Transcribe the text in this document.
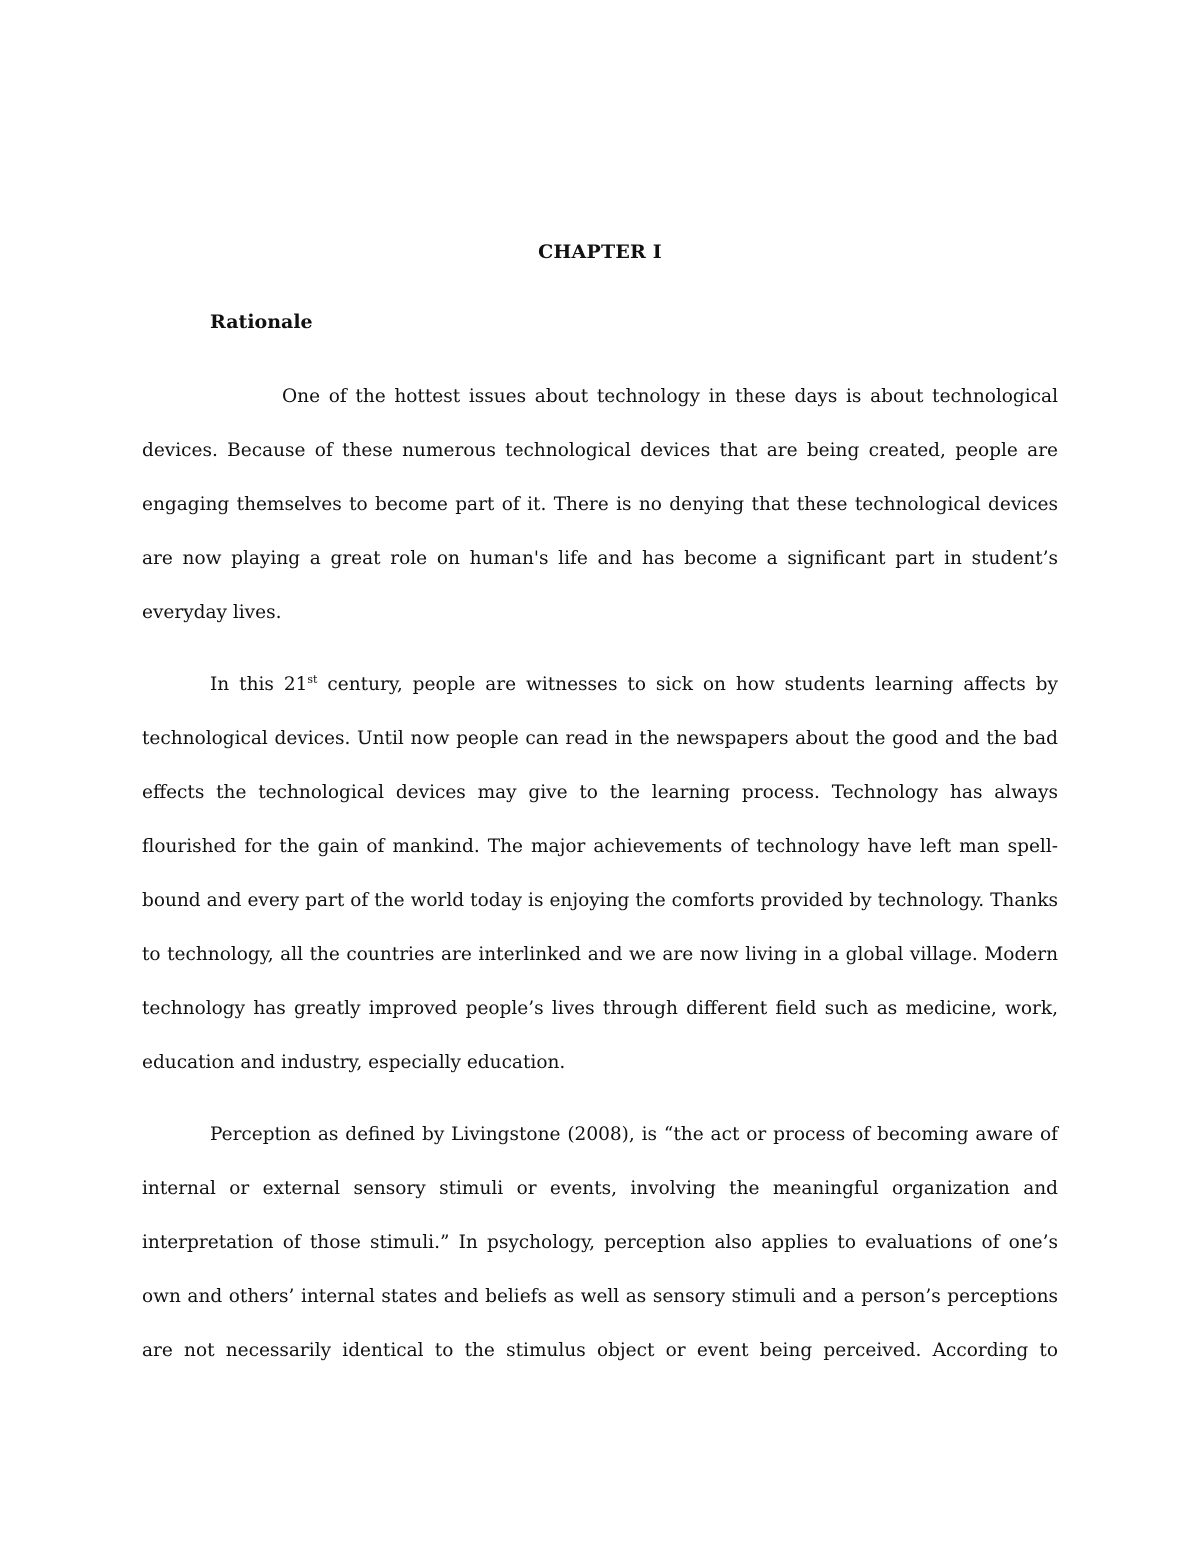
CHAPTER I
Rationale

One of the hottest issues about technology in these days is about technological devices. Because of these numerous technological devices that are being created, people are engaging themselves to become part of it. There is no denying that these technological devices are now playing a great role on human's life and has become a significant part in student’s everyday lives.

In this 21st century, people are witnesses to sick on how students learning affects by technological devices. Until now people can read in the newspapers about the good and the bad effects the technological devices may give to the learning process. Technology has always flourished for the gain of mankind. The major achievements of technology have left man spell-bound and every part of the world today is enjoying the comforts provided by technology. Thanks to technology, all the countries are interlinked and we are now living in a global village. Modern technology has greatly improved people’s lives through different field such as medicine, work, education and industry, especially education.

Perception as defined by Livingstone (2008), is “the act or process of becoming aware of internal or external sensory stimuli or events, involving the meaningful organization and interpretation of those stimuli.” In psychology, perception also applies to evaluations of one’s own and others’ internal states and beliefs as well as sensory stimuli and a person’s perceptions are not necessarily identical to the stimulus object or event being perceived. According to
